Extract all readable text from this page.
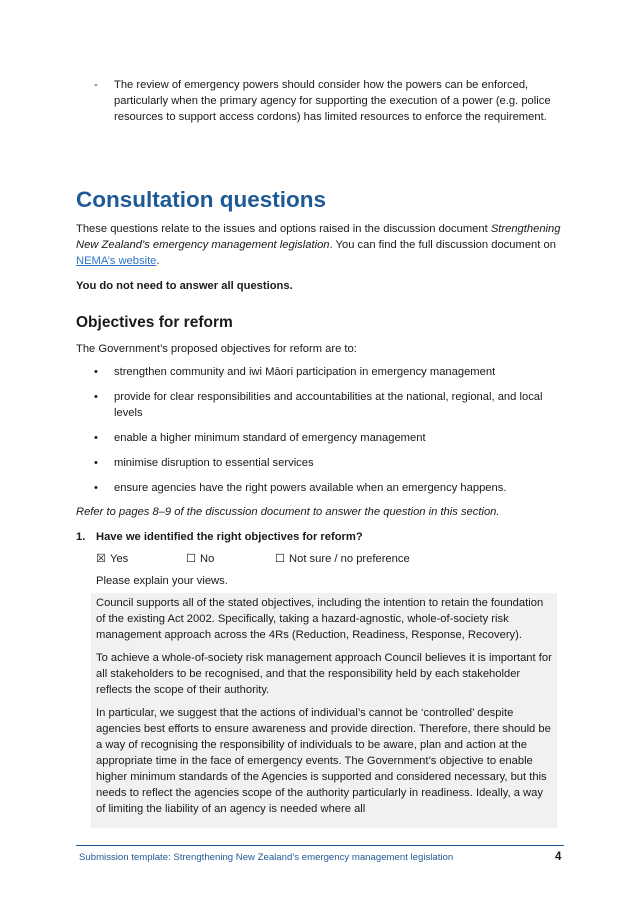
- The review of emergency powers should consider how the powers can be enforced, particularly when the primary agency for supporting the execution of a power (e.g. police resources to support access cordons) has limited resources to enforce the requirement.
Consultation questions

These questions relate to the issues and options raised in the discussion document Strengthening New Zealand’s emergency management legislation. You can find the full discussion document on NEMA’s website.

You do not need to answer all questions.

Objectives for reform

The Government’s proposed objectives for reform are to:

• strengthen community and iwi Māori participation in emergency management
• provide for clear responsibilities and accountabilities at the national, regional, and local levels
• enable a higher minimum standard of emergency management
• minimise disruption to essential services
• ensure agencies have the right powers available when an emergency happens.

Refer to pages 8–9 of the discussion document to answer the question in this section.

1. Have we identified the right objectives for reform?

☒ Yes	☐ No	☐ Not sure / no preference

Please explain your views.

Council supports all of the stated objectives, including the intention to retain the foundation of the existing Act 2002. Specifically, taking a hazard-agnostic, whole-of-society risk management approach across the 4Rs (Reduction, Readiness, Response, Recovery).

To achieve a whole-of-society risk management approach Council believes it is important for all stakeholders to be recognised, and that the responsibility held by each stakeholder reflects the scope of their authority.

In particular, we suggest that the actions of individual’s cannot be ‘controlled’ despite agencies best efforts to ensure awareness and provide direction. Therefore, there should be a way of recognising the responsibility of individuals to be aware, plan and action at the appropriate time in the face of emergency events. The Government’s objective to enable higher minimum standards of the Agencies is supported and considered necessary, but this needs to reflect the agencies scope of the authority particularly in readiness. Ideally, a way of limiting the liability of an agency is needed where all

Submission template: Strengthening New Zealand’s emergency management legislation	4
